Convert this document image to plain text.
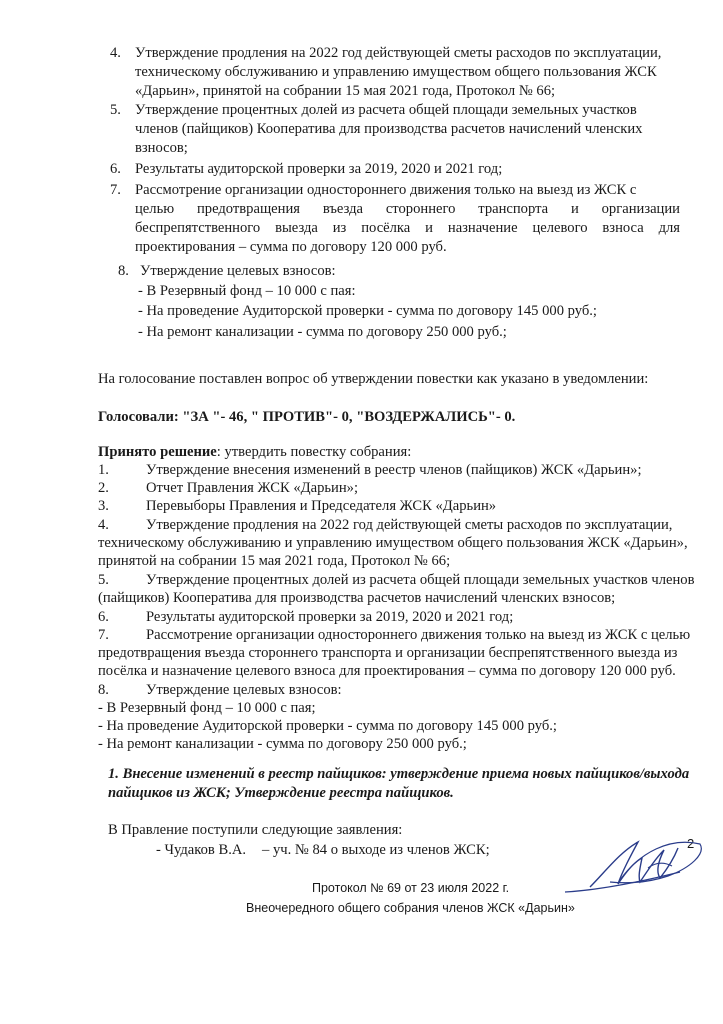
4. Утверждение продления на 2022 год действующей сметы расходов по эксплуатации,
техническому обслуживанию и управлению имуществом общего пользования ЖСК
«Дарьин», принятой на собрании 15 мая 2021 года, Протокол № 66;
5. Утверждение процентных долей из расчета общей площади земельных участков
членов (пайщиков) Кооператива для производства расчетов начислений членских
взносов;
6. Результаты аудиторской проверки за 2019, 2020 и 2021 год;
7. Рассмотрение организации одностороннего движения только на выезд из ЖСК с
целью предотвращения въезда стороннего транспорта и организации
беспрепятственного выезда из посёлка и назначение целевого взноса для
проектирования – сумма по договору 120 000 руб.
8. Утверждение целевых взносов:
- В Резервный фонд – 10 000 с пая:
- На проведение Аудиторской проверки - сумма по договору 145 000 руб.;
- На ремонт канализации - сумма по договору 250 000 руб.;
На голосование поставлен вопрос об утверждении повестки как указано в уведомлении:
Голосовали: "ЗА "- 46, " ПРОТИВ"- 0, "ВОЗДЕРЖАЛИСЬ"- 0.
Принято решение: утвердить повестку собрания:
1.	Утверждение внесения изменений в реестр членов (пайщиков) ЖСК «Дарьин»;
2.	Отчет Правления ЖСК «Дарьин»;
3.	Перевыборы Правления и Председателя ЖСК «Дарьин»
4.	Утверждение продления на 2022 год действующей сметы расходов по эксплуатации,
техническому обслуживанию и управлению имуществом общего пользования ЖСК «Дарьин»,
принятой на собрании 15 мая 2021 года, Протокол № 66;
5.	Утверждение процентных долей из расчета общей площади земельных участков членов
(пайщиков) Кооператива для производства расчетов начислений членских взносов;
6.	Результаты аудиторской проверки за 2019, 2020 и 2021 год;
7.	Рассмотрение организации одностороннего движения только на выезд из ЖСК с целью
предотвращения въезда стороннего транспорта и организации беспрепятственного выезда из
посёлка и назначение целевого взноса для проектирования – сумма по договору 120 000 руб.
8.	Утверждение целевых взносов:
- В Резервный фонд – 10 000 с пая;
- На проведение Аудиторской проверки - сумма по договору 145 000 руб.;
- На ремонт канализации - сумма по договору 250 000 руб.;
1. Внесение изменений в реестр пайщиков: утверждение приема новых пайщиков/выхода
пайщиков из ЖСК; Утверждение реестра пайщиков.
В Правление поступили следующие заявления:
- Чудаков В.А. – уч. № 84 о выходе из членов ЖСК;	2
Протокол № 69 от 23 июля 2022 г.
Внеочередного общего собрания членов ЖСК «Дарьин»
